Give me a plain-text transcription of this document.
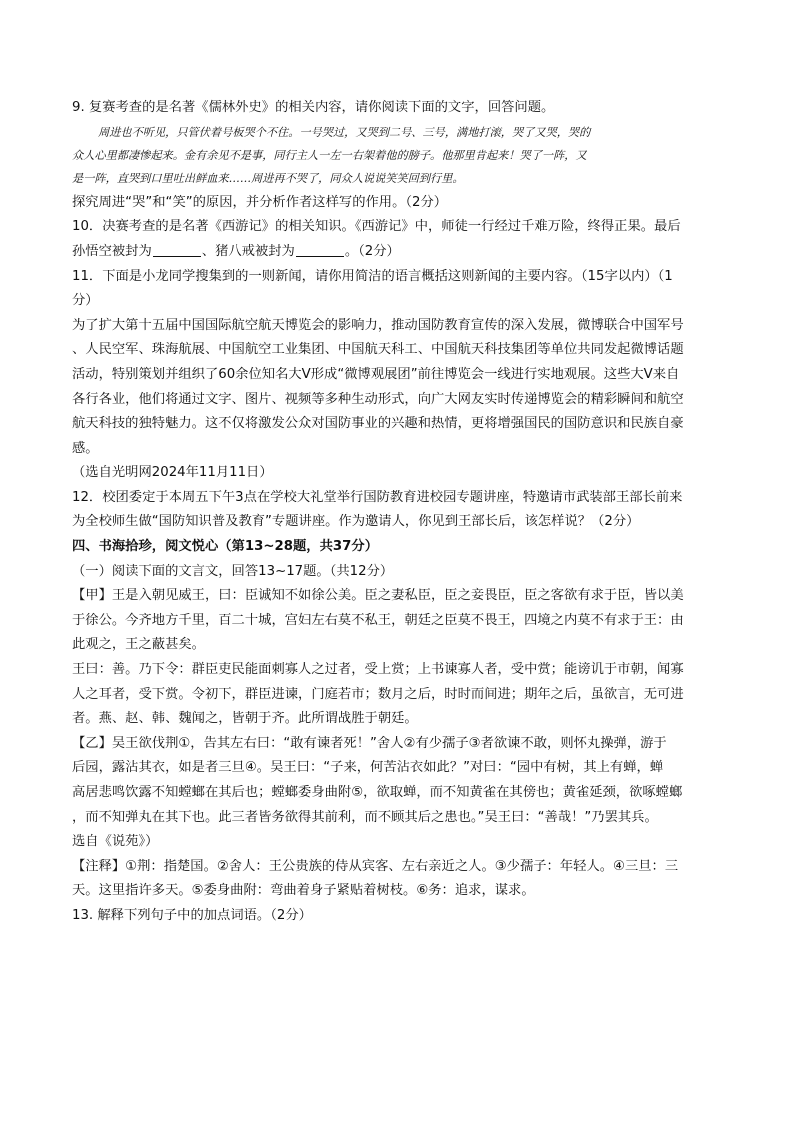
9. 复赛考查的是名著《儒林外史》的相关内容，请你阅读下面的文字，回答问题。
周进也不听见，只管伏着号板哭个不住。一号哭过，又哭到二号、三号，满地打滚，哭了又哭，哭的
众人心里都凄惨起来。金有余见不是事，同行主人一左一右架着他的膀子。他那里肯起来！哭了一阵，又
是一阵，直哭到口里吐出鲜血来……周进再不哭了，同众人说说笑笑回到行里。
探究周进“哭”和“笑”的原因，并分析作者这样写的作用。（2分）
10．决赛考查的是名著《西游记》的相关知识。《西游记》中，师徒一行经过千难万险，终得正果。最后
孙悟空被封为	、猪八戒被封为	。（2分）
11．下面是小龙同学搜集到的一则新闻，请你用简洁的语言概括这则新闻的主要内容。（15字以内）（1
分）
为了扩大第十五届中国国际航空航天博览会的影响力，推动国防教育宣传的深入发展，微博联合中国军号
、人民空军、珠海航展、中国航空工业集团、中国航天科工、中国航天科技集团等单位共同发起微博话题
活动，特别策划并组织了60余位知名大V形成“微博观展团”前往博览会一线进行实地观展。这些大V来自
各行各业，他们将通过文字、图片、视频等多种生动形式，向广大网友实时传递博览会的精彩瞬间和航空
航天科技的独特魅力。这不仅将激发公众对国防事业的兴趣和热情，更将增强国民的国防意识和民族自豪
感。
（选自光明网2024年11月11日）
12．校团委定于本周五下午3点在学校大礼堂举行国防教育进校园专题讲座，特邀请市武装部王部长前来
为全校师生做“国防知识普及教育”专题讲座。作为邀请人，你见到王部长后，该怎样说？（2分）
四、书海拾珍，阅文悦心（第13~28题，共37分）
（一）阅读下面的文言文，回答13~17题。（共12分）
【甲】王是入朝见威王，曰：臣诚知不如徐公美。臣之妻私臣，臣之妾畏臣，臣之客欲有求于臣，皆以美
于徐公。今齐地方千里，百二十城，宫妇左右莫不私王，朝廷之臣莫不畏王，四境之内莫不有求于王：由
此观之，王之蔽甚矣。
王曰：善。乃下令：群臣吏民能面刺寡人之过者，受上赏；上书谏寡人者，受中赏；能谤讥于市朝，闻寡
人之耳者，受下赏。令初下，群臣进谏，门庭若市；数月之后，时时而间进；期年之后，虽欲言，无可进
者。燕、赵、韩、魏闻之，皆朝于齐。此所谓战胜于朝廷。
【乙】吴王欲伐荆①，告其左右曰：“敢有谏者死！”舍人②有少孺子③者欲谏不敢，则怀丸操弹，游于
后园，露沾其衣，如是者三旦④。吴王曰：“子来，何苦沾衣如此？”对曰：“园中有树，其上有蝉，蝉
高居悲鸣饮露不知螳螂在其后也；螳螂委身曲附⑤，欲取蝉，而不知黄雀在其傍也；黄雀延颈，欲啄螳螂
，而不知弹丸在其下也。此三者皆务欲得其前利，而不顾其后之患也。”吴王曰：“善哉！”乃罢其兵。
选自《说苑》）
【注释】①荆：指楚国。②舍人：王公贵族的侍从宾客、左右亲近之人。③少孺子：年轻人。④三旦：三
天。这里指许多天。⑤委身曲附：弯曲着身子紧贴着树枝。⑥务：追求，谋求。
13. 解释下列句子中的加点词语。（2分）
